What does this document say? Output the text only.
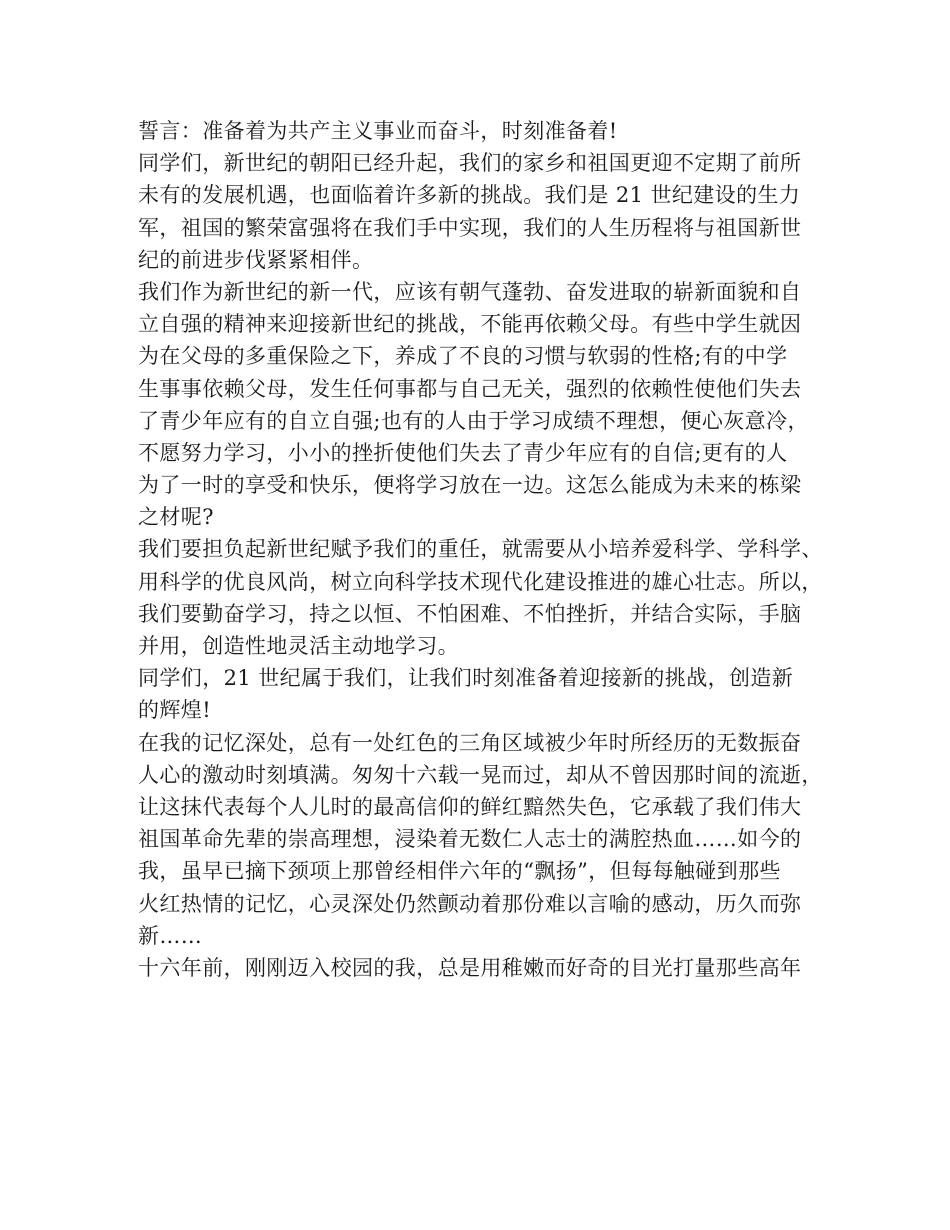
誓言：准备着为共产主义事业而奋斗，时刻准备着!
同学们，新世纪的朝阳已经升起，我们的家乡和祖国更迎不定期了前所
未有的发展机遇，也面临着许多新的挑战。我们是 21 世纪建设的生力
军，祖国的繁荣富强将在我们手中实现，我们的人生历程将与祖国新世
纪的前进步伐紧紧相伴。
我们作为新世纪的新一代，应该有朝气蓬勃、奋发进取的崭新面貌和自
立自强的精神来迎接新世纪的挑战，不能再依赖父母。有些中学生就因
为在父母的多重保险之下，养成了不良的习惯与软弱的性格;有的中学
生事事依赖父母，发生任何事都与自己无关，强烈的依赖性使他们失去
了青少年应有的自立自强;也有的人由于学习成绩不理想，便心灰意冷，
不愿努力学习，小小的挫折使他们失去了青少年应有的自信;更有的人
为了一时的享受和快乐，便将学习放在一边。这怎么能成为未来的栋梁
之材呢?
我们要担负起新世纪赋予我们的重任，就需要从小培养爱科学、学科学、
用科学的优良风尚，树立向科学技术现代化建设推进的雄心壮志。所以，
我们要勤奋学习，持之以恒、不怕困难、不怕挫折，并结合实际，手脑
并用，创造性地灵活主动地学习。
同学们，21 世纪属于我们，让我们时刻准备着迎接新的挑战，创造新
的辉煌!
在我的记忆深处，总有一处红色的三角区域被少年时所经历的无数振奋
人心的激动时刻填满。匆匆十六载一晃而过，却从不曾因那时间的流逝，
让这抹代表每个人儿时的最高信仰的鲜红黯然失色，它承载了我们伟大
祖国革命先辈的崇高理想，浸染着无数仁人志士的满腔热血……如今的
我，虽早已摘下颈项上那曾经相伴六年的“飘扬”，但每每触碰到那些
火红热情的记忆，心灵深处仍然颤动着那份难以言喻的感动，历久而弥
新……
十六年前，刚刚迈入校园的我，总是用稚嫩而好奇的目光打量那些高年
